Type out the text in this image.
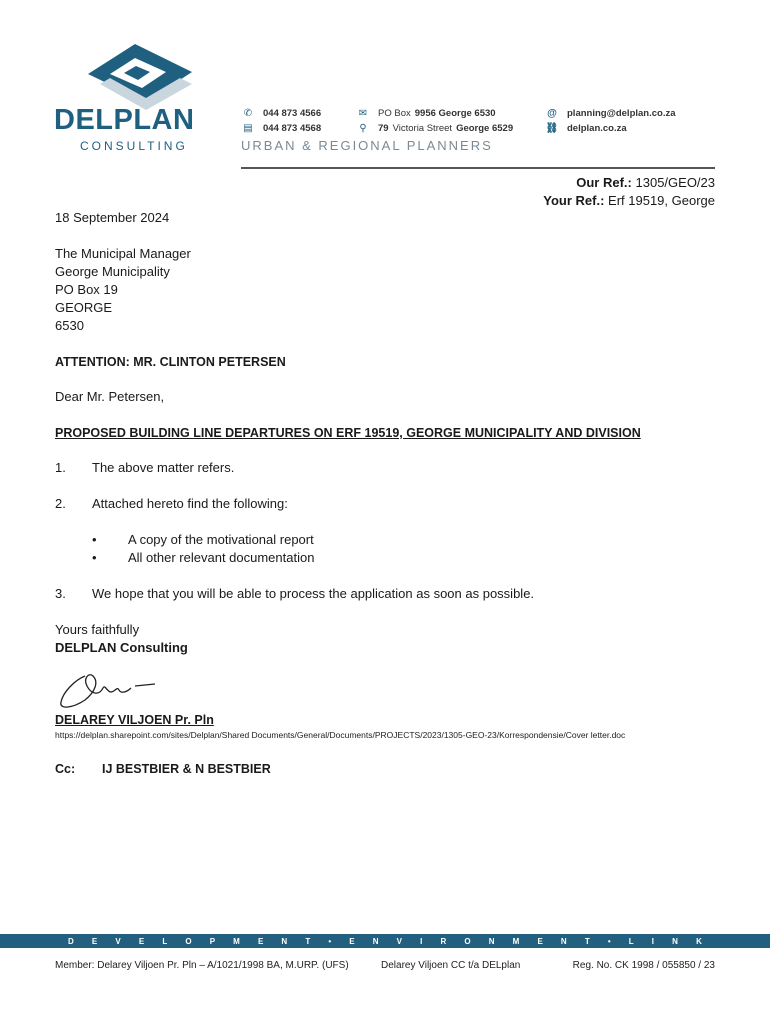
DELPLAN
CONSULTING
✆ 044 873 4566
▤ 044 873 4568
✉ PO Box 9956 George 6530
⚲	79 Victoria Street George 6529
@ planning@delplan.co.za
⛓ delplan.co.za
URBAN & REGIONAL PLANNERS
Our Ref.: 1305/GEO/23
Your Ref.: Erf 19519, George
18 September 2024
The Municipal Manager
George Municipality
PO Box 19
GEORGE
6530
ATTENTION: MR. CLINTON PETERSEN
Dear Mr. Petersen,
PROPOSED BUILDING LINE DEPARTURES ON ERF 19519, GEORGE MUNICIPALITY AND DIVISION
1. The above matter refers.
2. Attached hereto find the following:
• A copy of the motivational report
• All other relevant documentation
3. We hope that you will be able to process the application as soon as possible.
Yours faithfully
DELPLAN Consulting
DELAREY VILJOEN Pr. Pln
https://delplan.sharepoint.com/sites/Delplan/Shared Documents/General/Documents/PROJECTS/2023/1305-GEO-23/Korrespondensie/Cover letter.doc
Cc: IJ BESTBIER & N BESTBIER
D E V E L O P M E N T • E N V I R O N M E N T • L I N K
Member: Delarey Viljoen Pr. Pln – A/1021/1998 BA, M.URP. (UFS)	Delarey Viljoen CC t/a DELplan	Reg. No. CK 1998 / 055850 / 23
